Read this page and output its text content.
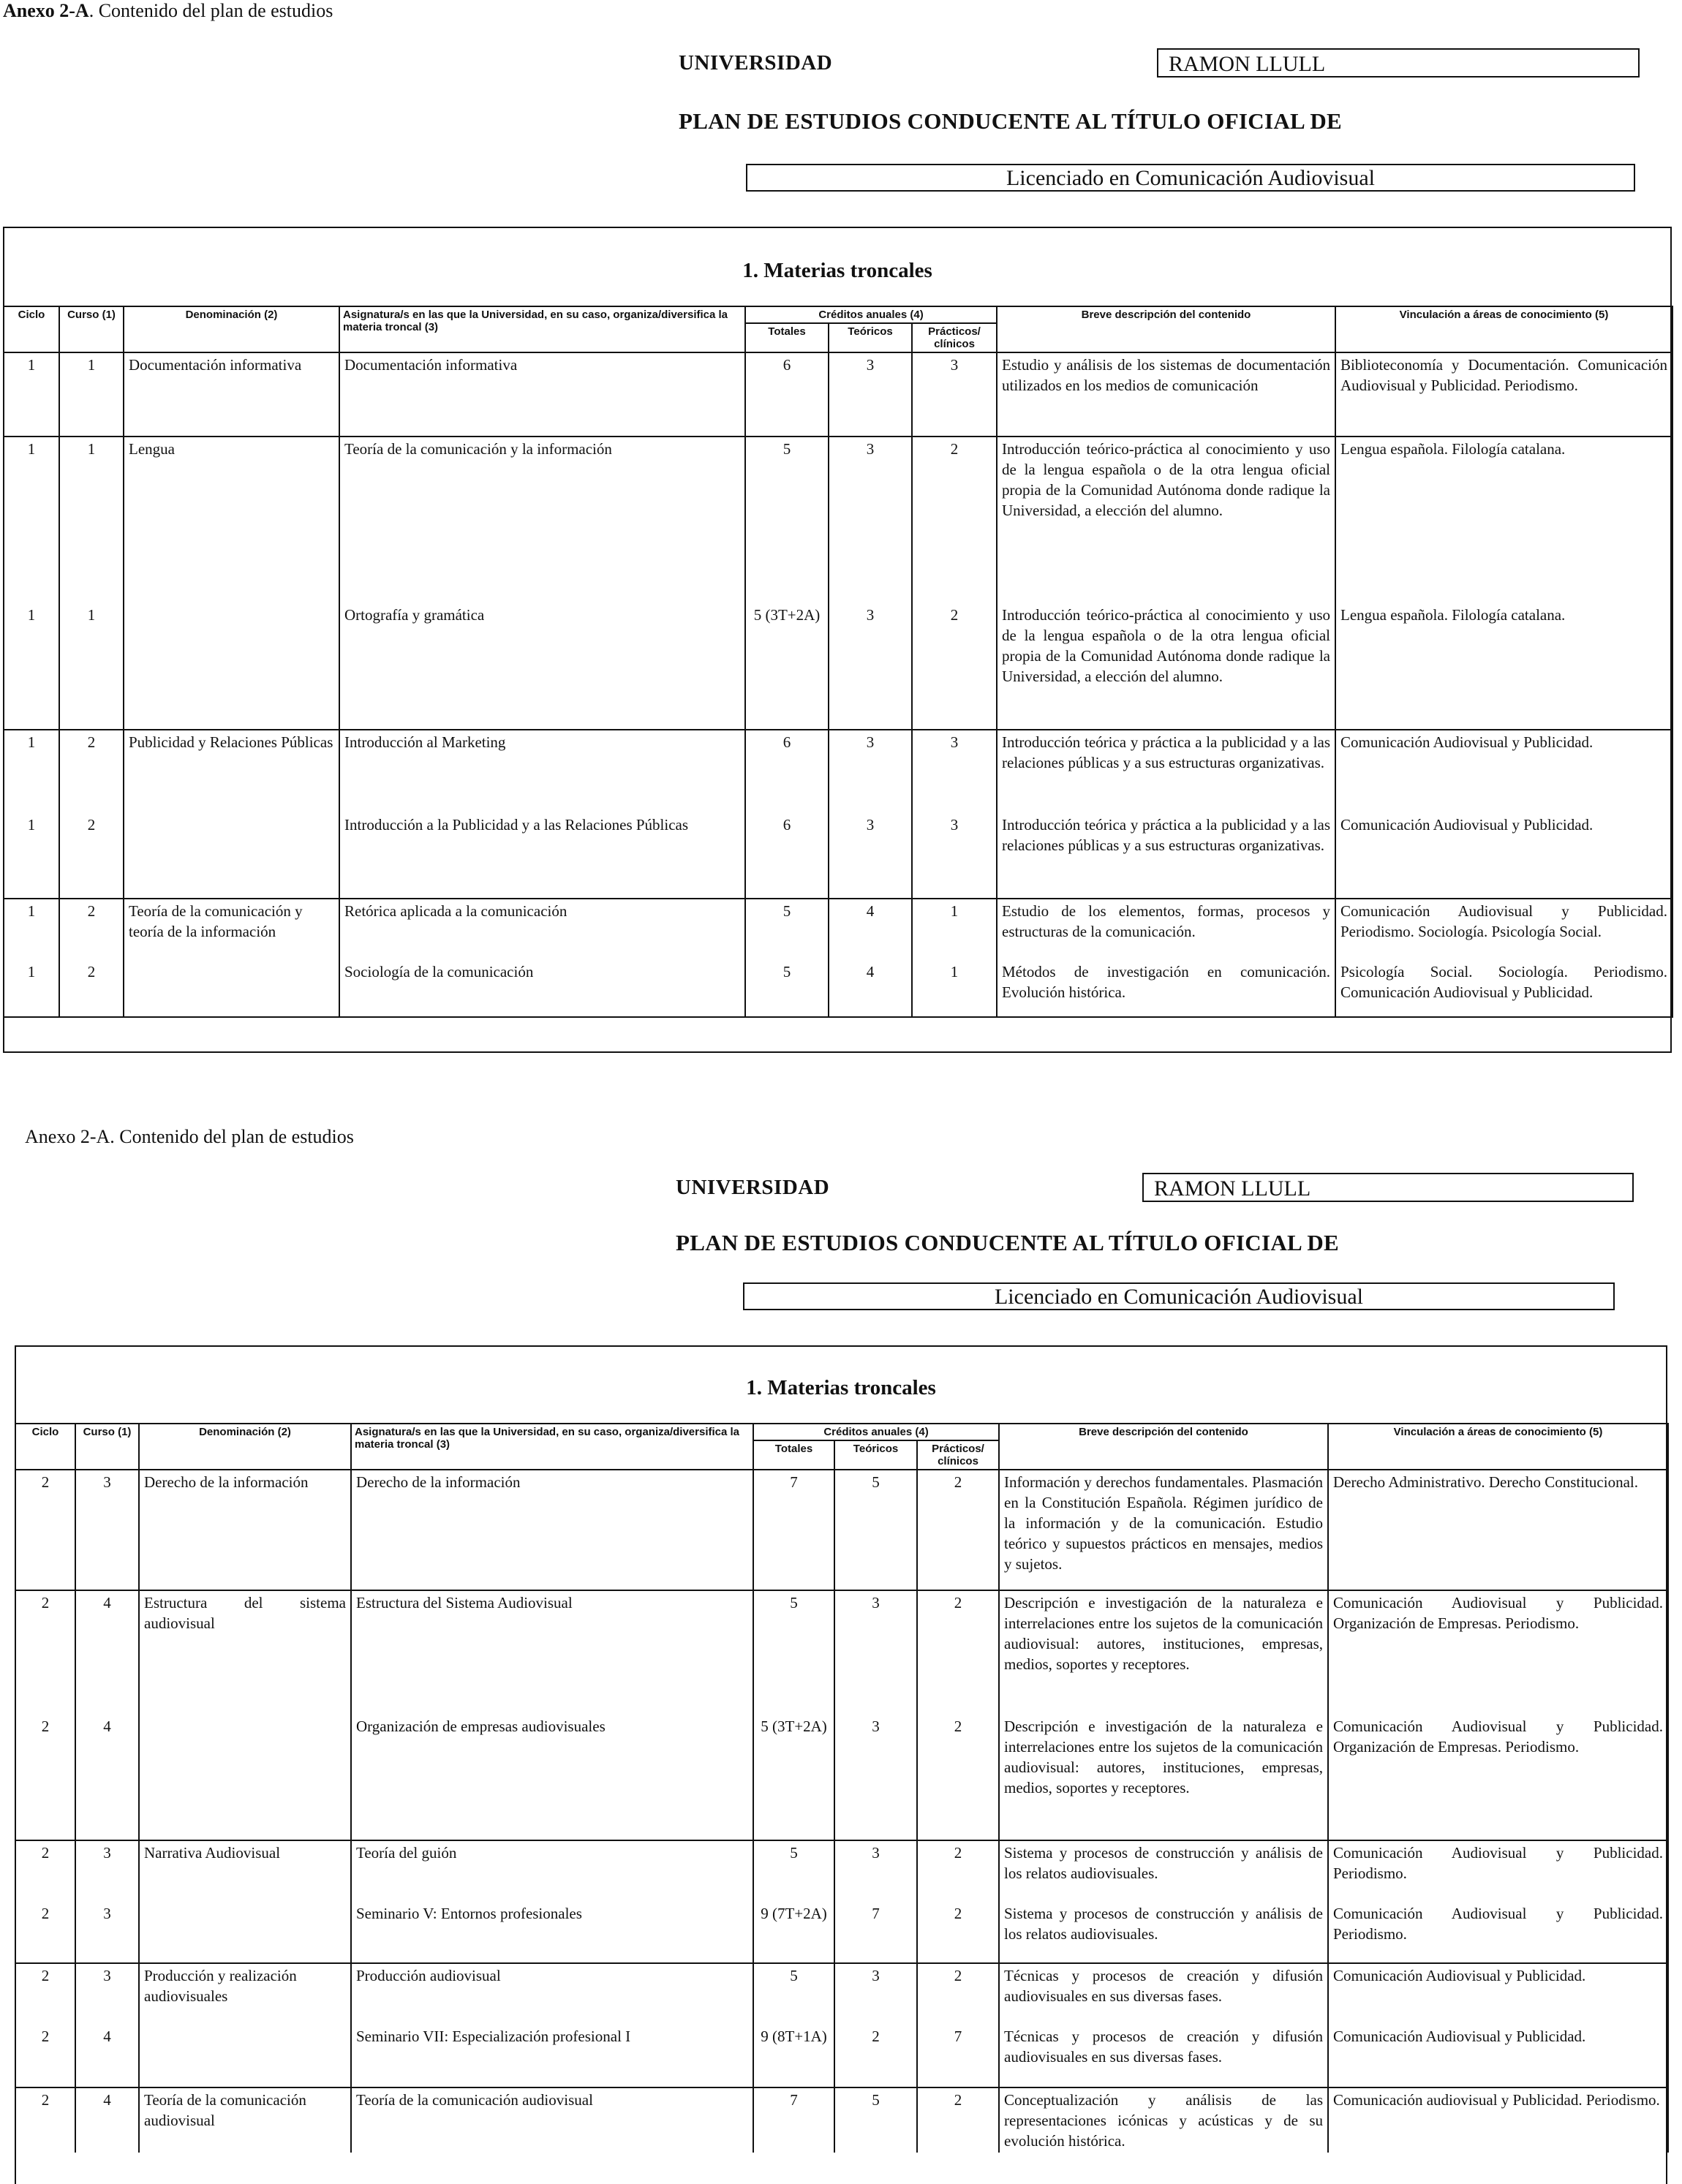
Anexo 2-A. Contenido del plan de estudios
UNIVERSIDAD	RAMON LLULL
PLAN DE ESTUDIOS CONDUCENTE AL TÍTULO OFICIAL DE
Licenciado en Comunicación Audiovisual
1. Materias troncales
Ciclo	Curso (1)	Denominación (2)	Asignatura/s en las que la Universidad, en su caso, organiza/diversifica la materia troncal (3)	Créditos anuales (4)			Breve descripción del contenido	Vinculación a áreas de conocimiento (5)
				Totales	Teóricos	Prácticos/ clínicos		
1	1	Documentación informativa	Documentación informativa	6	3	3	Estudio y análisis de los sistemas de documentación utilizados en los medios de comunicación	Biblioteconomía y Documentación. Comunicación Audiovisual y Publicidad. Periodismo.
1	1	Lengua	Teoría de la comunicación y la información	5	3	2	Introducción teórico-práctica al conocimiento y uso de la lengua española o de la otra lengua oficial propia de la Comunidad Autónoma donde radique la Universidad, a elección del alumno.	Lengua española. Filología catalana.
1	1		Ortografía y gramática	5 (3T+2A)	3	2	Introducción teórico-práctica al conocimiento y uso de la lengua española o de la otra lengua oficial propia de la Comunidad Autónoma donde radique la Universidad, a elección del alumno.	Lengua española. Filología catalana.
1	2	Publicidad y Relaciones Públicas	Introducción al Marketing	6	3	3	Introducción teórica y práctica a la publicidad y a las relaciones públicas y a sus estructuras organizativas.	Comunicación Audiovisual y Publicidad.
1	2		Introducción a la Publicidad y a las Relaciones Públicas	6	3	3	Introducción teórica y práctica a la publicidad y a las relaciones públicas y a sus estructuras organizativas.	Comunicación Audiovisual y Publicidad.
1	2	Teoría de la comunicación y teoría de la información	Retórica aplicada a la comunicación	5	4	1	Estudio de los elementos, formas, procesos y estructuras de la comunicación.	Comunicación Audiovisual y Publicidad. Periodismo. Sociología. Psicología Social.
1	2		Sociología de la comunicación	5	4	1	Métodos de investigación en comunicación. Evolución histórica.	Psicología Social. Sociología. Periodismo. Comunicación Audiovisual y Publicidad.
Anexo 2-A. Contenido del plan de estudios
UNIVERSIDAD	RAMON LLULL
PLAN DE ESTUDIOS CONDUCENTE AL TÍTULO OFICIAL DE
Licenciado en Comunicación Audiovisual
1. Materias troncales
Ciclo	Curso (1)	Denominación (2)	Asignatura/s en las que la Universidad, en su caso, organiza/diversifica la materia troncal (3)	Créditos anuales (4)			Breve descripción del contenido	Vinculación a áreas de conocimiento (5)
				Totales	Teóricos	Prácticos/ clínicos		
2	3	Derecho de la información	Derecho de la información	7	5	2	Información y derechos fundamentales. Plasmación en la Constitución Española. Régimen jurídico de la información y de la comunicación. Estudio teórico y supuestos prácticos en mensajes, medios y sujetos.	Derecho Administrativo. Derecho Constitucional.
2	4	Estructura del sistema audiovisual	Estructura del Sistema Audiovisual	5	3	2	Descripción e investigación de la naturaleza e interrelaciones entre los sujetos de la comunicación audiovisual: autores, instituciones, empresas, medios, soportes y receptores.	Comunicación Audiovisual y Publicidad. Organización de Empresas. Periodismo.
2	4		Organización de empresas audiovisuales	5 (3T+2A)	3	2	Descripción e investigación de la naturaleza e interrelaciones entre los sujetos de la comunicación audiovisual: autores, instituciones, empresas, medios, soportes y receptores.	Comunicación Audiovisual y Publicidad. Organización de Empresas. Periodismo.
2	3	Narrativa Audiovisual	Teoría del guión	5	3	2	Sistema y procesos de construcción y análisis de los relatos audiovisuales.	Comunicación Audiovisual y Publicidad. Periodismo.
2	3		Seminario V: Entornos profesionales	9 (7T+2A)	7	2	Sistema y procesos de construcción y análisis de los relatos audiovisuales.	Comunicación Audiovisual y Publicidad. Periodismo.
2	3	Producción y realización audiovisuales	Producción audiovisual	5	3	2	Técnicas y procesos de creación y difusión audiovisuales en sus diversas fases.	Comunicación Audiovisual y Publicidad.
2	4		Seminario VII: Especialización profesional I	9 (8T+1A)	2	7	Técnicas y procesos de creación y difusión audiovisuales en sus diversas fases.	Comunicación Audiovisual y Publicidad.
2	4	Teoría de la comunicación audiovisual	Teoría de la comunicación audiovisual	7	5	2	Conceptualización y análisis de las representaciones icónicas y acústicas y de su evolución histórica.	Comunicación audiovisual y Publicidad. Periodismo.
